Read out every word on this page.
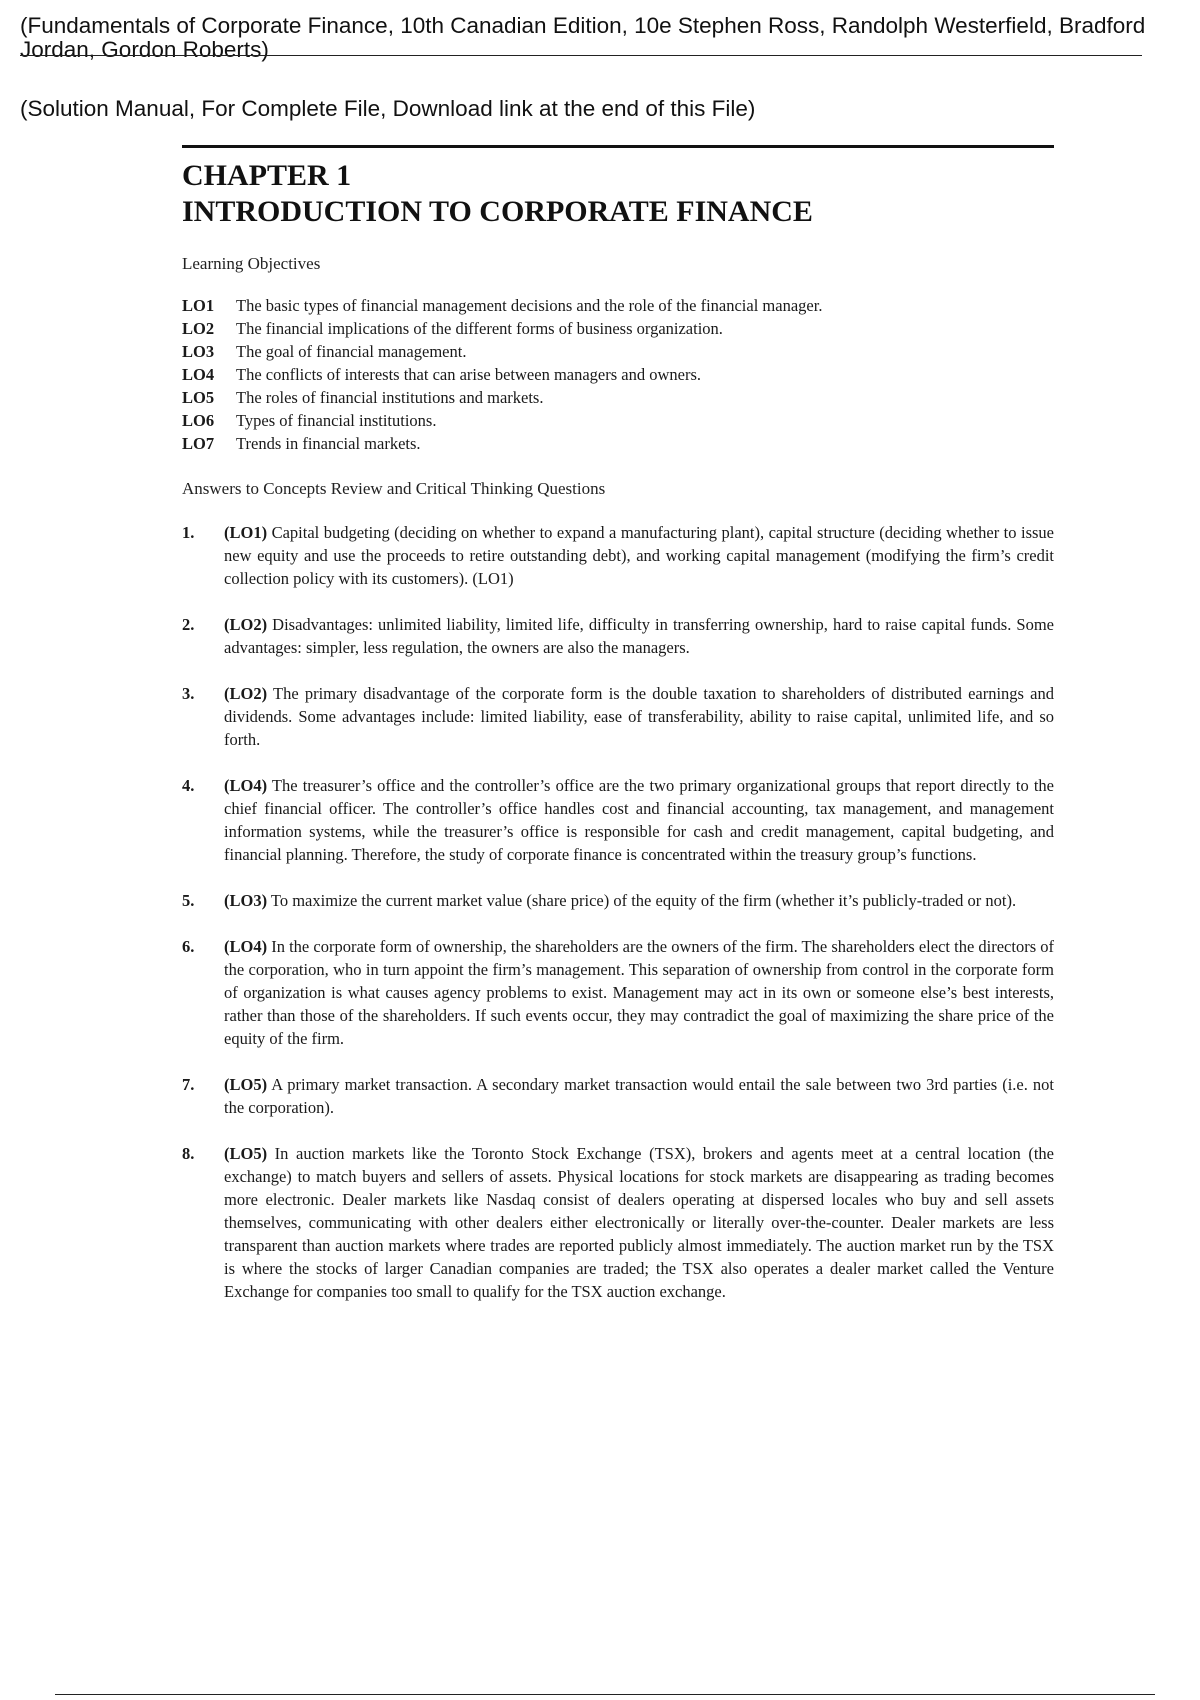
(Fundamentals of Corporate Finance, 10th Canadian Edition, 10e Stephen Ross, Randolph Westerfield, Bradford
Jordan, Gordon Roberts)
(Solution Manual, For Complete File, Download link at the end of this File)
CHAPTER 1
INTRODUCTION TO CORPORATE FINANCE
Learning Objectives
LO1	The basic types of financial management decisions and the role of the financial manager.
LO2	The financial implications of the different forms of business organization.
LO3	The goal of financial management.
LO4	The conflicts of interests that can arise between managers and owners.
LO5	The roles of financial institutions and markets.
LO6	Types of financial institutions.
LO7	Trends in financial markets.
Answers to Concepts Review and Critical Thinking Questions
1.	(LO1) Capital budgeting (deciding on whether to expand a manufacturing plant), capital structure (deciding whether to issue new equity and use the proceeds to retire outstanding debt), and working capital management (modifying the firm’s credit collection policy with its customers). (LO1)
2.	(LO2) Disadvantages: unlimited liability, limited life, difficulty in transferring ownership, hard to raise capital funds. Some advantages: simpler, less regulation, the owners are also the managers.
3.	(LO2) The primary disadvantage of the corporate form is the double taxation to shareholders of distributed earnings and dividends. Some advantages include: limited liability, ease of transferability, ability to raise capital, unlimited life, and so forth.
4.	(LO4) The treasurer’s office and the controller’s office are the two primary organizational groups that report directly to the chief financial officer. The controller’s office handles cost and financial accounting, tax management, and management information systems, while the treasurer’s office is responsible for cash and credit management, capital budgeting, and financial planning. Therefore, the study of corporate finance is concentrated within the treasury group’s functions.
5.	(LO3) To maximize the current market value (share price) of the equity of the firm (whether it’s publicly-traded or not).
6.	(LO4) In the corporate form of ownership, the shareholders are the owners of the firm. The shareholders elect the directors of the corporation, who in turn appoint the firm’s management. This separation of ownership from control in the corporate form of organization is what causes agency problems to exist. Management may act in its own or someone else’s best interests, rather than those of the shareholders. If such events occur, they may contradict the goal of maximizing the share price of the equity of the firm.
7.	(LO5) A primary market transaction. A secondary market transaction would entail the sale between two 3rd parties (i.e. not the corporation).
8.	(LO5) In auction markets like the Toronto Stock Exchange (TSX), brokers and agents meet at a central location (the exchange) to match buyers and sellers of assets. Physical locations for stock markets are disappearing as trading becomes more electronic. Dealer markets like Nasdaq consist of dealers operating at dispersed locales who buy and sell assets themselves, communicating with other dealers either electronically or literally over-the-counter. Dealer markets are less transparent than auction markets where trades are reported publicly almost immediately. The auction market run by the TSX is where the stocks of larger Canadian companies are traded; the TSX also operates a dealer market called the Venture Exchange for companies too small to qualify for the TSX auction exchange.
